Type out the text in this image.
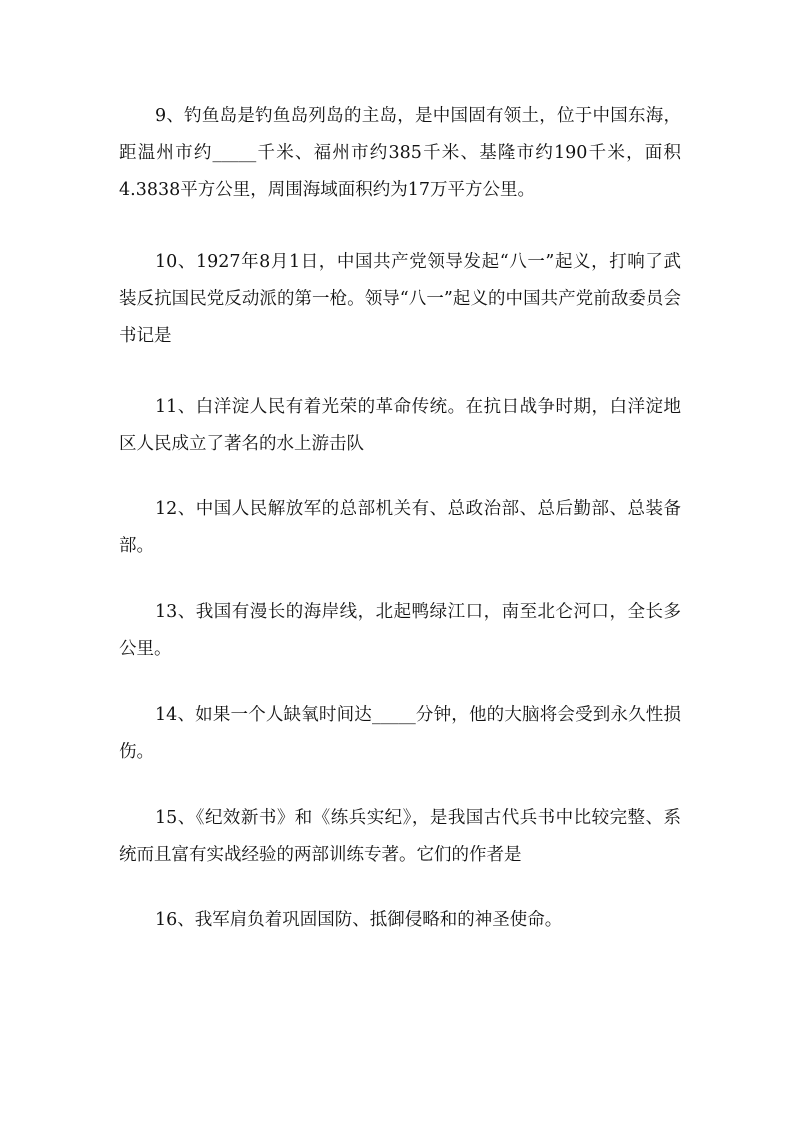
9、钓鱼岛是钓鱼岛列岛的主岛，是中国固有领土，位于中国东海，距温州市约_____千米、福州市约385千米、基隆市约190千米，面积4.3838平方公里，周围海域面积约为17万平方公里。

10、1927年8月1日，中国共产党领导发起“八一”起义，打响了武装反抗国民党反动派的第一枪。领导“八一”起义的中国共产党前敌委员会书记是

11、白洋淀人民有着光荣的革命传统。在抗日战争时期，白洋淀地区人民成立了著名的水上游击队

12、中国人民解放军的总部机关有、总政治部、总后勤部、总装备部。

13、我国有漫长的海岸线，北起鸭绿江口，南至北仑河口，全长多公里。

14、如果一个人缺氧时间达_____分钟，他的大脑将会受到永久性损伤。

15、《纪效新书》和《练兵实纪》，是我国古代兵书中比较完整、系统而且富有实战经验的两部训练专著。它们的作者是

16、我军肩负着巩固国防、抵御侵略和的神圣使命。
